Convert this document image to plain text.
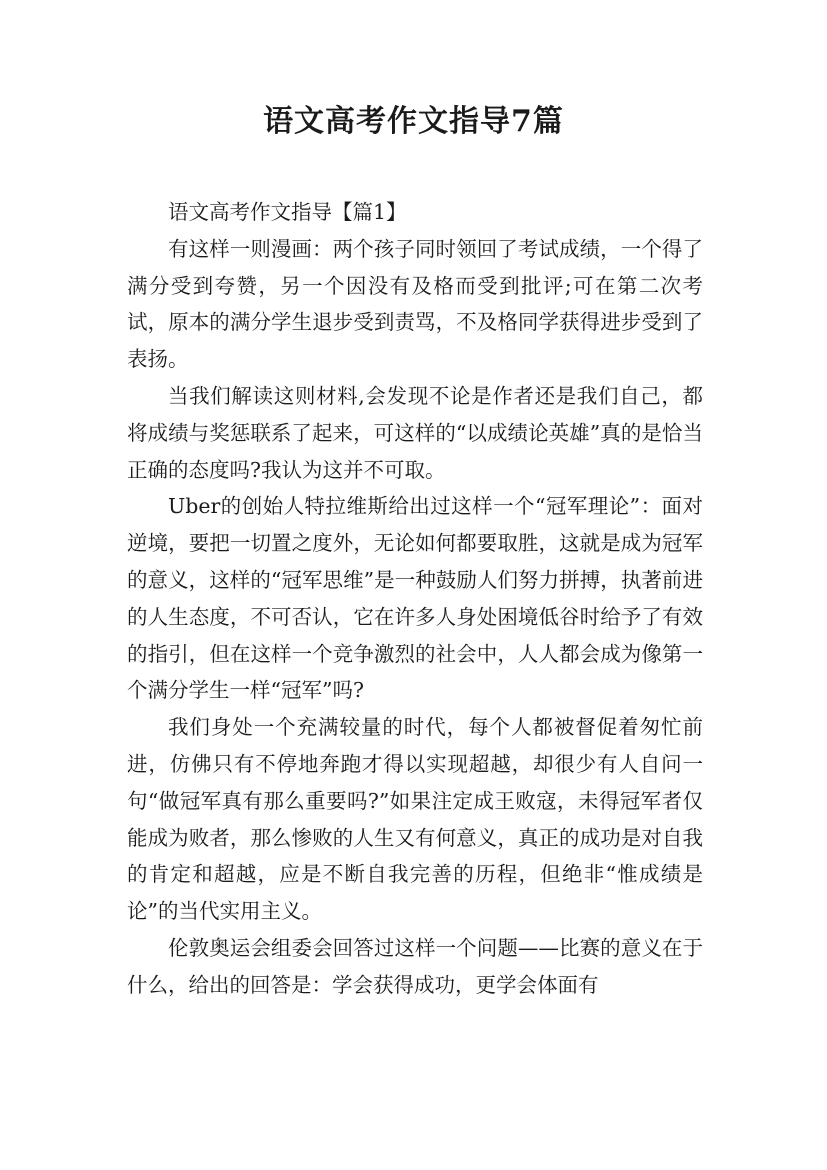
语文高考作文指导7篇

语文高考作文指导【篇1】

有这样一则漫画：两个孩子同时领回了考试成绩，一个得了满分受到夸赞，另一个因没有及格而受到批评;可在第二次考试，原本的满分学生退步受到责骂，不及格同学获得进步受到了表扬。

当我们解读这则材料,会发现不论是作者还是我们自己，都将成绩与奖惩联系了起来，可这样的“以成绩论英雄”真的是恰当正确的态度吗?我认为这并不可取。

Uber的创始人特拉维斯给出过这样一个“冠军理论”：面对逆境，要把一切置之度外，无论如何都要取胜，这就是成为冠军的意义，这样的“冠军思维”是一种鼓励人们努力拼搏，执著前进的人生态度，不可否认，它在许多人身处困境低谷时给予了有效的指引，但在这样一个竞争激烈的社会中，人人都会成为像第一个满分学生一样“冠军”吗?

我们身处一个充满较量的时代，每个人都被督促着匆忙前进，仿佛只有不停地奔跑才得以实现超越，却很少有人自问一句“做冠军真有那么重要吗?”如果注定成王败寇，未得冠军者仅能成为败者，那么惨败的人生又有何意义，真正的成功是对自我的肯定和超越，应是不断自我完善的历程，但绝非“惟成绩是论”的当代实用主义。

伦敦奥运会组委会回答过这样一个问题——比赛的意义在于什么，给出的回答是：学会获得成功，更学会体面有
